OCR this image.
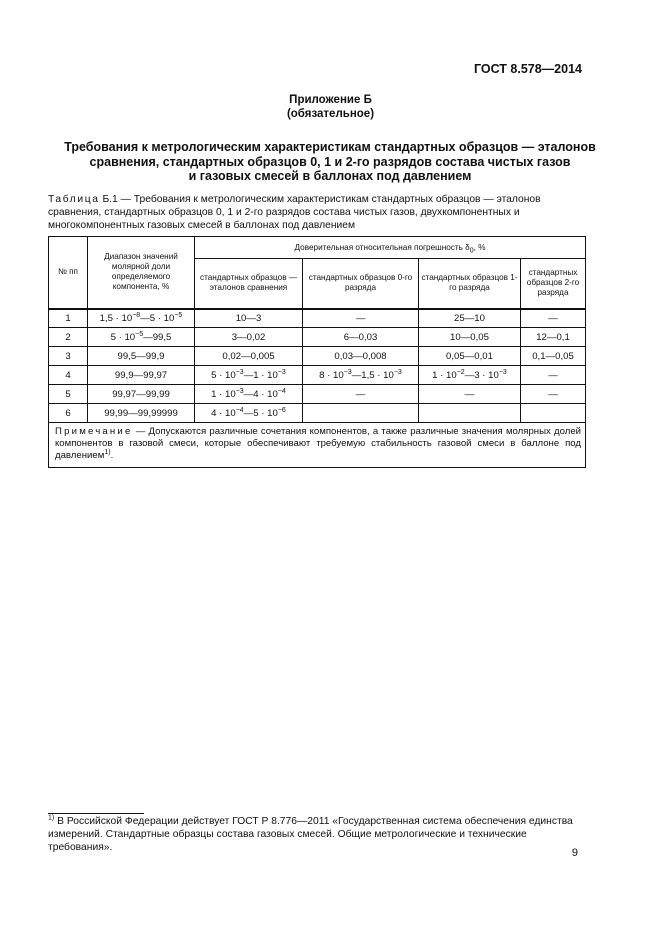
ГОСТ 8.578—2014
Приложение Б
(обязательное)
Требования к метрологическим характеристикам стандартных образцов — эталонов
сравнения, стандартных образцов 0, 1 и 2-го разрядов состава чистых газов
и газовых смесей в баллонах под давлением
Таблица Б.1 — Требования к метрологическим характеристикам стандартных образцов — эталонов сравнения, стандартных образцов 0, 1 и 2-го разрядов состава чистых газов, двухкомпонентных и многокомпонентных газовых смесей в баллонах под давлением
№ пп	Диапазон значений молярной доли определяемого компонента, %	Доверительная относительная погрешность $\delta_0$, %			
		стандартных образцов — эталонов сравнения	стандартных образцов 0-го разряда	стандартных образцов 1-го разряда	стандартных образцов 2-го разряда
1	$1,5 \cdot 10^{-8}—5 \cdot 10^{-5}$	10—3	—	25—10	—
2	$5 \cdot 10^{-5}—99,5$	3—0,02	6—0,03	10—0,05	12—0,1
3	99,5—99,9	0,02—0,005	0,03—0,008	0,05—0,01	0,1—0,05
4	99,9—99,97	$5 \cdot 10^{-3}—1 \cdot 10^{-3}$	$8 \cdot 10^{-3}—1,5 \cdot 10^{-3}$	$1 \cdot 10^{-2}—3 \cdot 10^{-3}$	—
5	99,97—99,99	$1 \cdot 10^{-3}—4 \cdot 10^{-4}$	—	—	—
6	99,99—99,99999	$4 \cdot 10^{-4}—5 \cdot 10^{-6}$			
Примечание — Допускаются различные сочетания компонентов, а также различные значения молярных долей компонентов в газовой смеси, которые обеспечивают требуемую стабильность газовой смеси в баллоне под давлением$^{1)}$.					
$^{1)}$ В Российской Федерации действует ГОСТ Р 8.776—2011 «Государственная система обеспечения единства измерений. Стандартные образцы состава газовых смесей. Общие метрологические и технические требования».	9
